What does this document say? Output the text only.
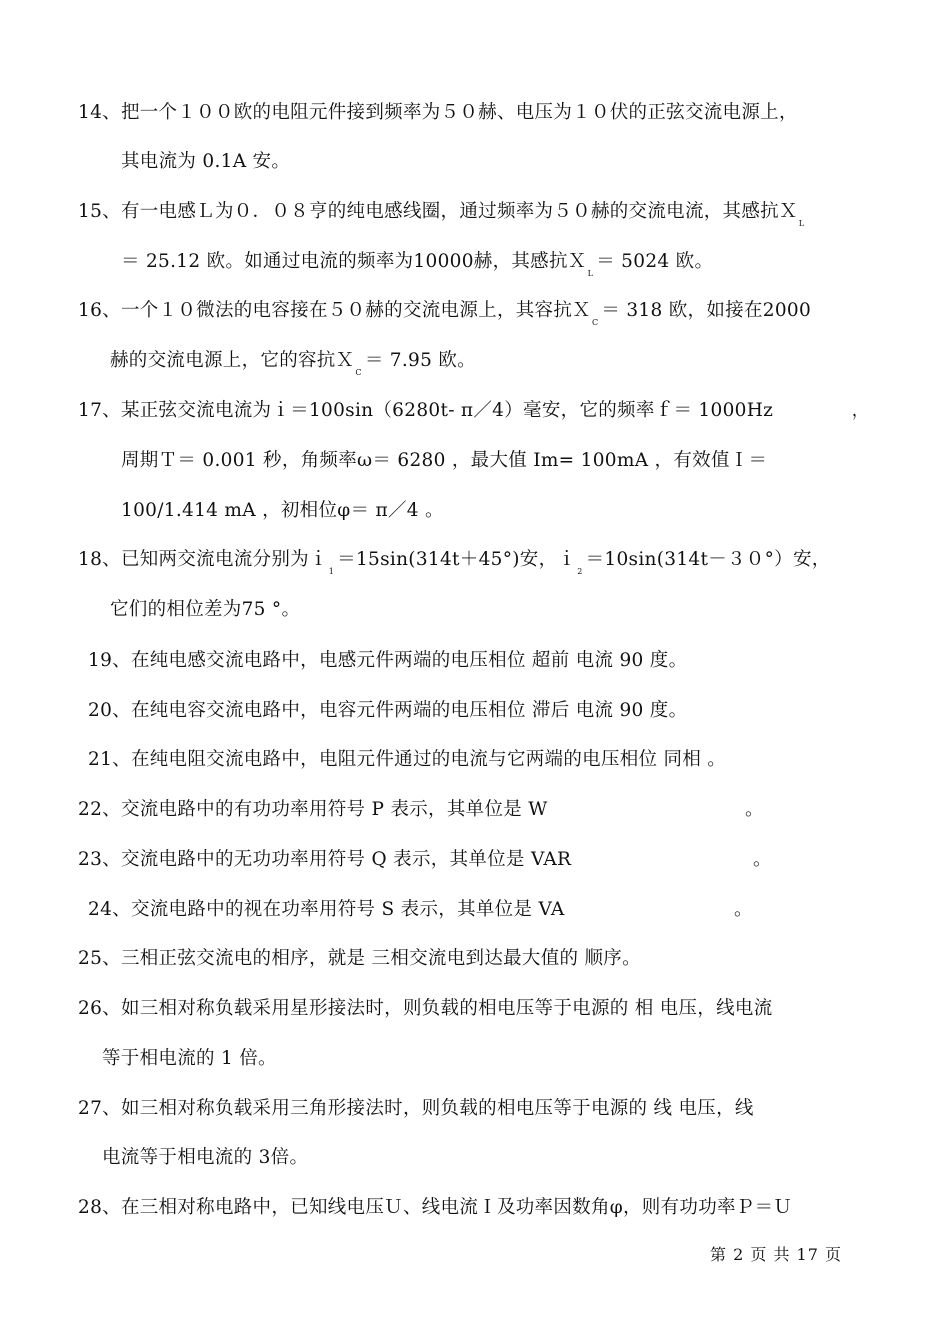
14、把一个１００欧的电阻元件接到频率为５０赫、电压为１０伏的正弦交流电源上，
其电流为 0.1A 安。
15、有一电感Ｌ为０．０８亨的纯电感线圈，通过频率为５０赫的交流电流，其感抗Ｘ$_L$
＝ 25.12 欧。如通过电流的频率为10000赫，其感抗Ｘ$_L$＝ 5024 欧。
16、一个１０微法的电容接在５０赫的交流电源上，其容抗Ｘ$_C$＝ 318 欧，如接在2000
赫的交流电源上，它的容抗Ｘ$_C$＝ 7.95 欧。
17、某正弦交流电流为ｉ＝100sin（6280t- π／4）毫安，它的频率ｆ＝ 1000Hz	，
周期Ｔ＝ 0.001 秒，角频率ω＝ 6280 ，最大值 Im= 100mA ，有效值Ｉ＝
100/1.414 mA ，初相位φ＝ π／4 。
18、已知两交流电流分别为ｉ$_1$＝15sin(314t＋45°)安，ｉ$_2$＝10sin(314t－３０°）安，
它们的相位差为75 °。
19、在纯电感交流电路中，电感元件两端的电压相位 超前 电流 90 度。
20、在纯电容交流电路中，电容元件两端的电压相位 滞后 电流 90 度。
21、在纯电阻交流电路中，电阻元件通过的电流与它两端的电压相位 同相 。
22、交流电路中的有功功率用符号 P 表示，其单位是 W	。
23、交流电路中的无功功率用符号 Q 表示，其单位是 VAR	。
24、交流电路中的视在功率用符号 S 表示，其单位是 VA	。
25、三相正弦交流电的相序，就是 三相交流电到达最大值的 顺序。
26、如三相对称负载采用星形接法时，则负载的相电压等于电源的 相 电压，线电流
等于相电流的 1 倍。
27、如三相对称负载采用三角形接法时，则负载的相电压等于电源的 线 电压，线
电流等于相电流的 3倍。
28、在三相对称电路中，已知线电压Ｕ、线电流Ｉ及功率因数角φ，则有功功率Ｐ＝Ｕ
第 2 页 共 17 页
